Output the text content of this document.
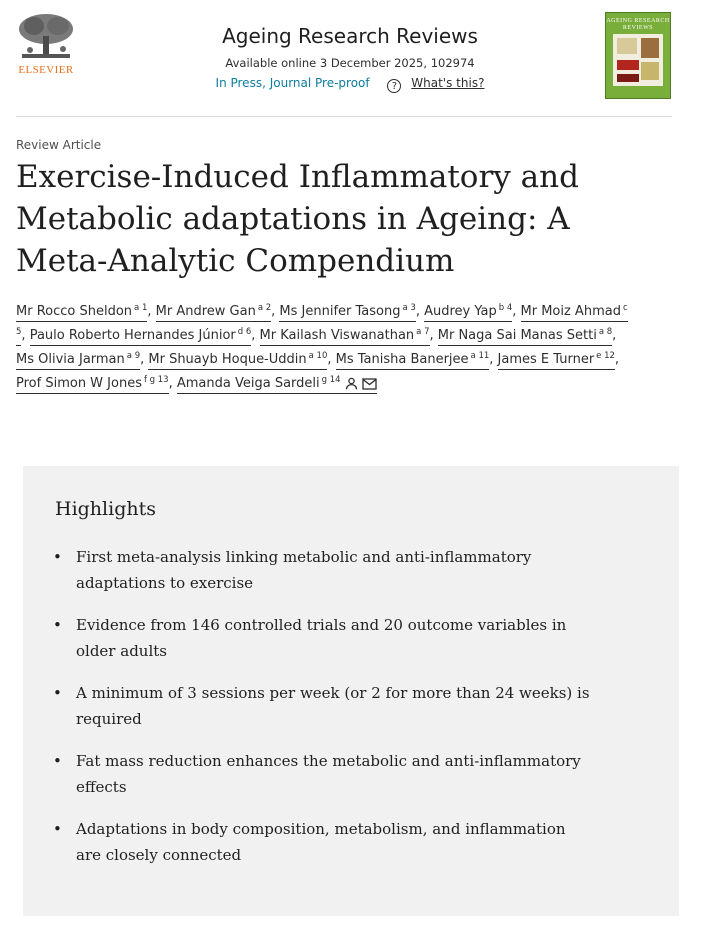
ELSEVIER
Ageing Research Reviews
Available online 3 December 2025, 102974
In Press, Journal Pre-proof ? What's this?
AGEING RESEARCH REVIEWS
Review Article
Exercise-Induced Inflammatory and Metabolic adaptations in Ageing: A Meta-Analytic Compendium
Mr Rocco Sheldon $^{a 1}$, Mr Andrew Gan $^{a 2}$, Ms Jennifer Tasong $^{a 3}$, Audrey Yap $^{b 4}$, Mr Moiz Ahmad $^{c 5}$, Paulo Roberto Hernandes Júnior $^{d 6}$, Mr Kailash Viswanathan $^{a 7}$, Mr Naga Sai Manas Setti $^{a 8}$, Ms Olivia Jarman $^{a 9}$, Mr Shuayb Hoque-Uddin $^{a 10}$, Ms Tanisha Banerjee $^{a 11}$, James E Turner $^{e 12}$, Prof Simon W Jones $^{f g 13}$, Amanda Veiga Sardeli $^{g 14}$
Highlights
• First meta-analysis linking metabolic and anti-inflammatory adaptations to exercise
• Evidence from 146 controlled trials and 20 outcome variables in older adults
• A minimum of 3 sessions per week (or 2 for more than 24 weeks) is required
• Fat mass reduction enhances the metabolic and anti-inflammatory effects
• Adaptations in body composition, metabolism, and inflammation are closely connected
